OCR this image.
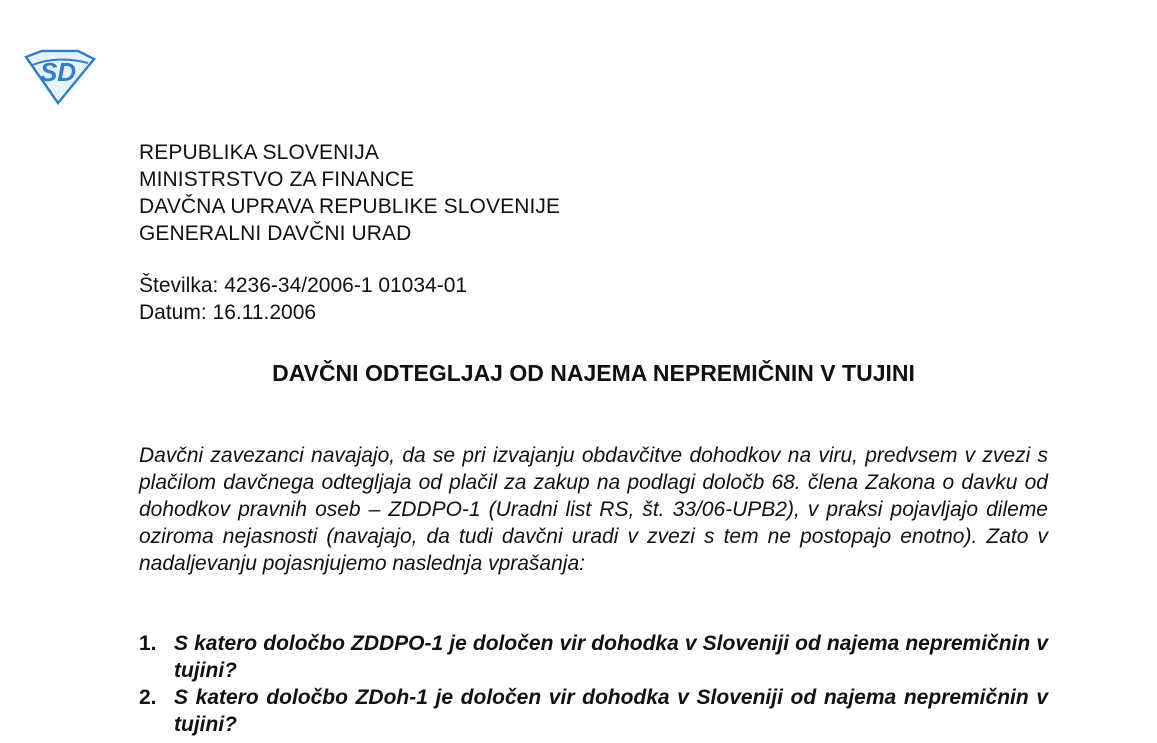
SD
REPUBLIKA SLOVENIJA
MINISTRSTVO ZA FINANCE
DAVČNA UPRAVA REPUBLIKE SLOVENIJE
GENERALNI DAVČNI URAD
Številka: 4236-34/2006-1 01034-01
Datum: 16.11.2006
DAVČNI ODTEGLJAJ OD NAJEMA NEPREMIČNIN V TUJINI
Davčni zavezanci navajajo, da se pri izvajanju obdavčitve dohodkov na viru, predvsem v zvezi s plačilom davčnega odtegljaja od plačil za zakup na podlagi določb 68. člena Zakona o davku od dohodkov pravnih oseb – ZDDPO-1 (Uradni list RS, št. 33/06-UPB2), v praksi pojavljajo dileme oziroma nejasnosti (navajajo, da tudi davčni uradi v zvezi s tem ne postopajo enotno). Zato v nadaljevanju pojasnjujemo naslednja vprašanja:
1. S katero določbo ZDDPO-1 je določen vir dohodka v Sloveniji od najema nepremičnin v tujini?
2. S katero določbo ZDoh-1 je določen vir dohodka v Sloveniji od najema nepremičnin v tujini?
